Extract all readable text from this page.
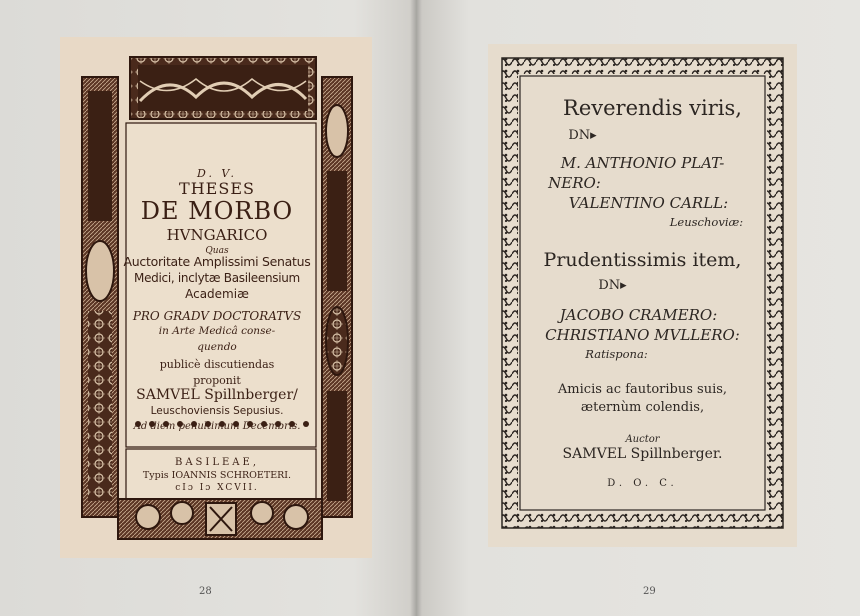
D. V.
THESES
DE MORBO
HVNGARICO
Quas
Auctoritate Amplissimi Senatus
Medici, inclytæ Basileensium
Academiæ
PRO GRADV DOCTORATVS
in Arte Medicâ conse-
quendo
publicè discutiendas
proponit
SAMVEL Spillnberger/
Leuschoviensis Sepusius.
Ad diem penultimum Decembris.
BASILEAE,
Typis IOANNIS SCHROETERI.
cIɔ Iɔ XCVII.
28	29
Reverendis viris,
DN▸
M. ANTHONIO PLAT-
NERO:
VALENTINO CARLL:
Leuschoviæ:
Prudentissimis item,
DN▸
JACOBO CRAMERO:
CHRISTIANO MVLLERO:
Ratispona:
Amicis ac fautoribus suis,
æternùm colendis,
Auctor
SAMVEL Spillnberger.
D. O. C.
